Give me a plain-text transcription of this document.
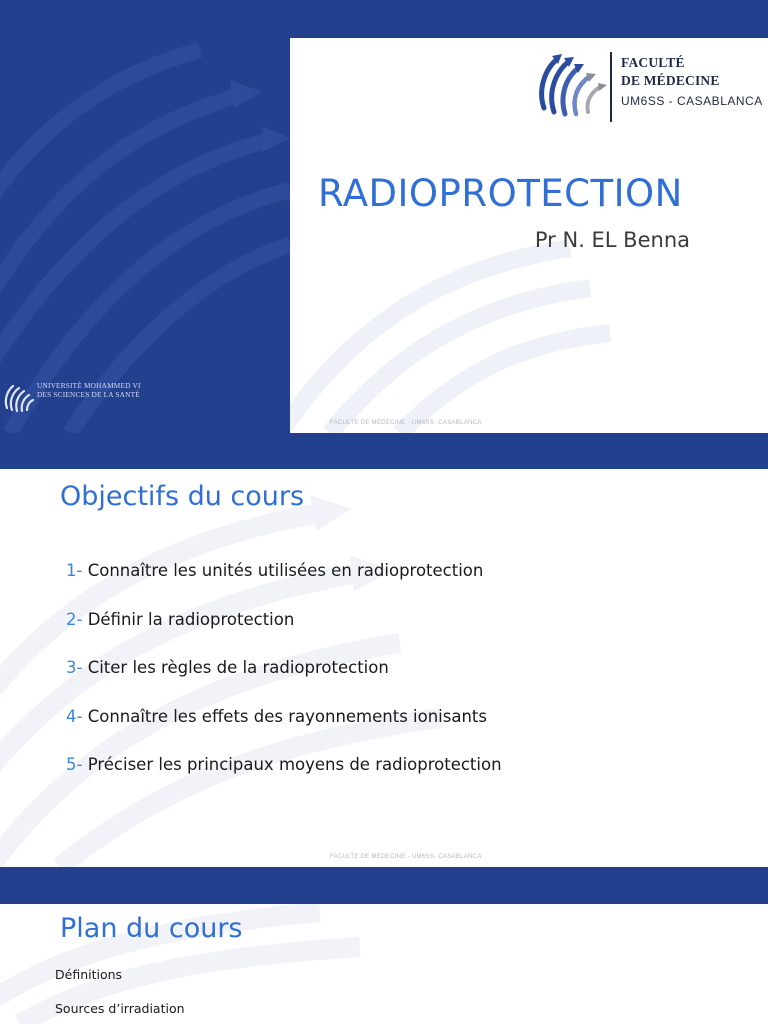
FACULTÉ
DE MÉDECINE
UM6SS - CASABLANCA
RADIOPROTECTION
Pr N. EL Benna
UNIVERSITÉ MOHAMMED VI
DES SCIENCES DE LA SANTÉ
FACULTE DE MÉDECINE - UM6SS- CASABLANCA
Objectifs du cours
1- Connaître les unités utilisées en radioprotection
2- Définir la radioprotection
3- Citer les règles de la radioprotection
4- Connaître les effets des rayonnements ionisants
5- Préciser les principaux moyens de radioprotection
FACULTE DE MÉDECINE - UM6SS- CASABLANCA
Plan du cours
Définitions
Sources d’irradiation
